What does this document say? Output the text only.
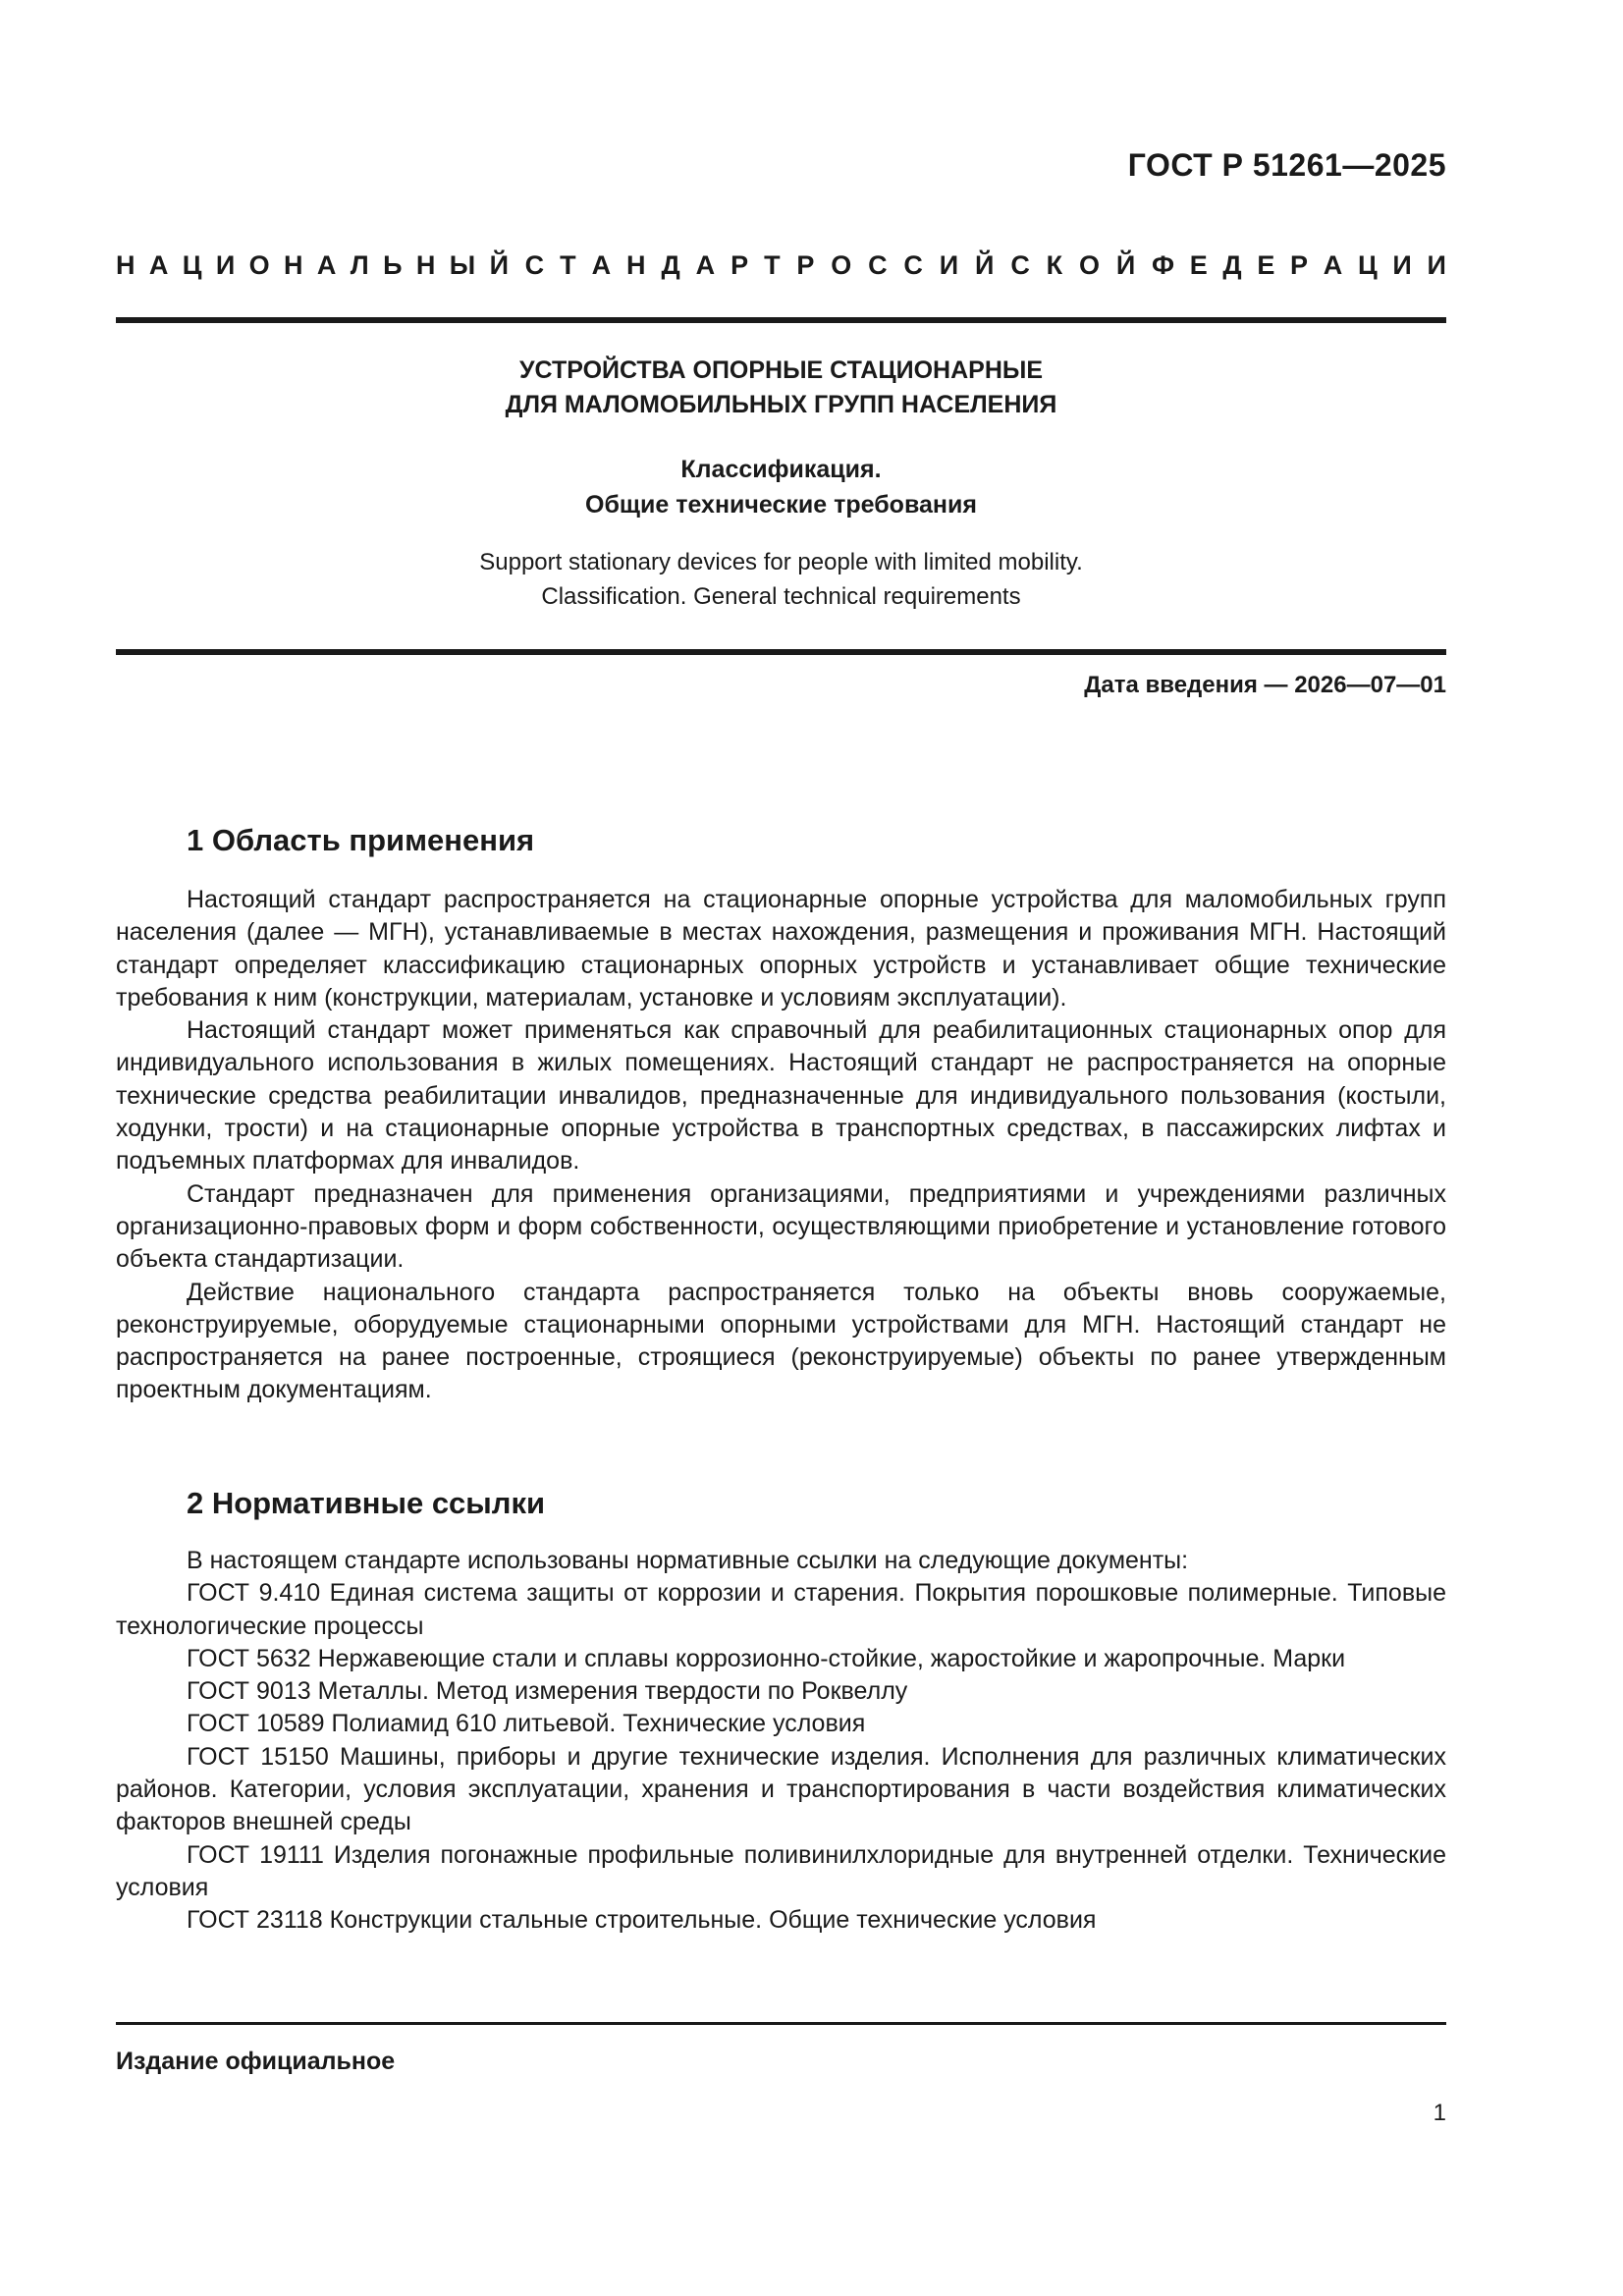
ГОСТ Р 51261—2025
Н А Ц И О Н А Л Ь Н Ы Й С Т А Н Д А Р Т Р О С С И Й С К О Й Ф Е Д Е Р А Ц И И
УСТРОЙСТВА ОПОРНЫЕ СТАЦИОНАРНЫЕ
ДЛЯ МАЛОМОБИЛЬНЫХ ГРУПП НАСЕЛЕНИЯ
Классификация.
Общие технические требования
Support stationary devices for people with limited mobility.
Classification. General technical requirements
Дата введения — 2026—07—01
1 Область применения

Настоящий стандарт распространяется на стационарные опорные устройства для маломобильных групп населения (далее — МГН), устанавливаемые в местах нахождения, размещения и проживания МГН. Настоящий стандарт определяет классификацию стационарных опорных устройств и устанавливает общие технические требования к ним (конструкции, материалам, установке и условиям эксплуатации).

Настоящий стандарт может применяться как справочный для реабилитационных стационарных опор для индивидуального использования в жилых помещениях. Настоящий стандарт не распространяется на опорные технические средства реабилитации инвалидов, предназначенные для индивидуального пользования (костыли, ходунки, трости) и на стационарные опорные устройства в транспортных средствах, в пассажирских лифтах и подъемных платформах для инвалидов.

Стандарт предназначен для применения организациями, предприятиями и учреждениями различных организационно-правовых форм и форм собственности, осуществляющими приобретение и установление готового объекта стандартизации.

Действие национального стандарта распространяется только на объекты вновь сооружаемые, реконструируемые, оборудуемые стационарными опорными устройствами для МГН. Настоящий стандарт не распространяется на ранее построенные, строящиеся (реконструируемые) объекты по ранее утвержденным проектным документациям.

2 Нормативные ссылки

В настоящем стандарте использованы нормативные ссылки на следующие документы:

ГОСТ 9.410 Единая система защиты от коррозии и старения. Покрытия порошковые полимерные. Типовые технологические процессы

ГОСТ 5632 Нержавеющие стали и сплавы коррозионно-стойкие, жаростойкие и жаропрочные. Марки

ГОСТ 9013 Металлы. Метод измерения твердости по Роквеллу

ГОСТ 10589 Полиамид 610 литьевой. Технические условия

ГОСТ 15150 Машины, приборы и другие технические изделия. Исполнения для различных климатических районов. Категории, условия эксплуатации, хранения и транспортирования в части воздействия климатических факторов внешней среды

ГОСТ 19111 Изделия погонажные профильные поливинилхлоридные для внутренней отделки. Технические условия

ГОСТ 23118 Конструкции стальные строительные. Общие технические условия

Издание официальное
1
